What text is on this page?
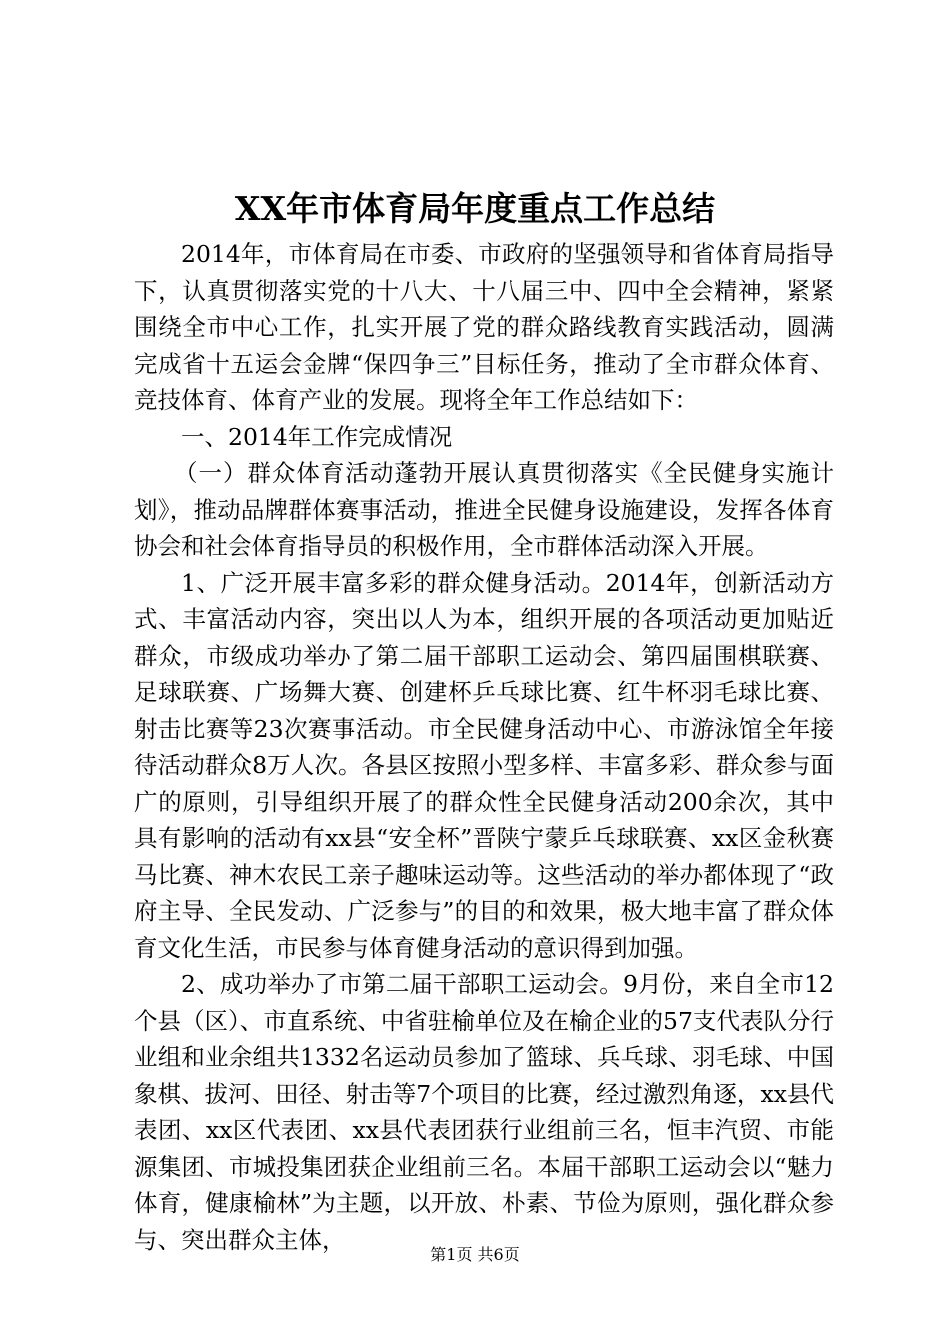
XX年市体育局年度重点工作总结

2014年，市体育局在市委、市政府的坚强领导和省体育局指导下，认真贯彻落实党的十八大、十八届三中、四中全会精神，紧紧围绕全市中心工作，扎实开展了党的群众路线教育实践活动，圆满完成省十五运会金牌“保四争三”目标任务，推动了全市群众体育、竞技体育、体育产业的发展。现将全年工作总结如下：

一、2014年工作完成情况

（一）群众体育活动蓬勃开展认真贯彻落实《全民健身实施计划》，推动品牌群体赛事活动，推进全民健身设施建设，发挥各体育协会和社会体育指导员的积极作用，全市群体活动深入开展。

1、广泛开展丰富多彩的群众健身活动。2014年，创新活动方式、丰富活动内容，突出以人为本，组织开展的各项活动更加贴近群众，市级成功举办了第二届干部职工运动会、第四届围棋联赛、足球联赛、广场舞大赛、创建杯乒乓球比赛、红牛杯羽毛球比赛、射击比赛等23次赛事活动。市全民健身活动中心、市游泳馆全年接待活动群众8万人次。各县区按照小型多样、丰富多彩、群众参与面广的原则，引导组织开展了的群众性全民健身活动200余次，其中具有影响的活动有xx县“安全杯”晋陕宁蒙乒乓球联赛、xx区金秋赛马比赛、神木农民工亲子趣味运动等。这些活动的举办都体现了“政府主导、全民发动、广泛参与”的目的和效果，极大地丰富了群众体育文化生活，市民参与体育健身活动的意识得到加强。

2、成功举办了市第二届干部职工运动会。9月份，来自全市12个县（区）、市直系统、中省驻榆单位及在榆企业的57支代表队分行业组和业余组共1332名运动员参加了篮球、兵乓球、羽毛球、中国象棋、拔河、田径、射击等7个项目的比赛，经过激烈角逐，xx县代表团、xx区代表团、xx县代表团获行业组前三名，恒丰汽贸、市能源集团、市城投集团获企业组前三名。本届干部职工运动会以“魅力体育，健康榆林”为主题，以开放、朴素、节俭为原则，强化群众参与、突出群众主体，

第1页 共6页
